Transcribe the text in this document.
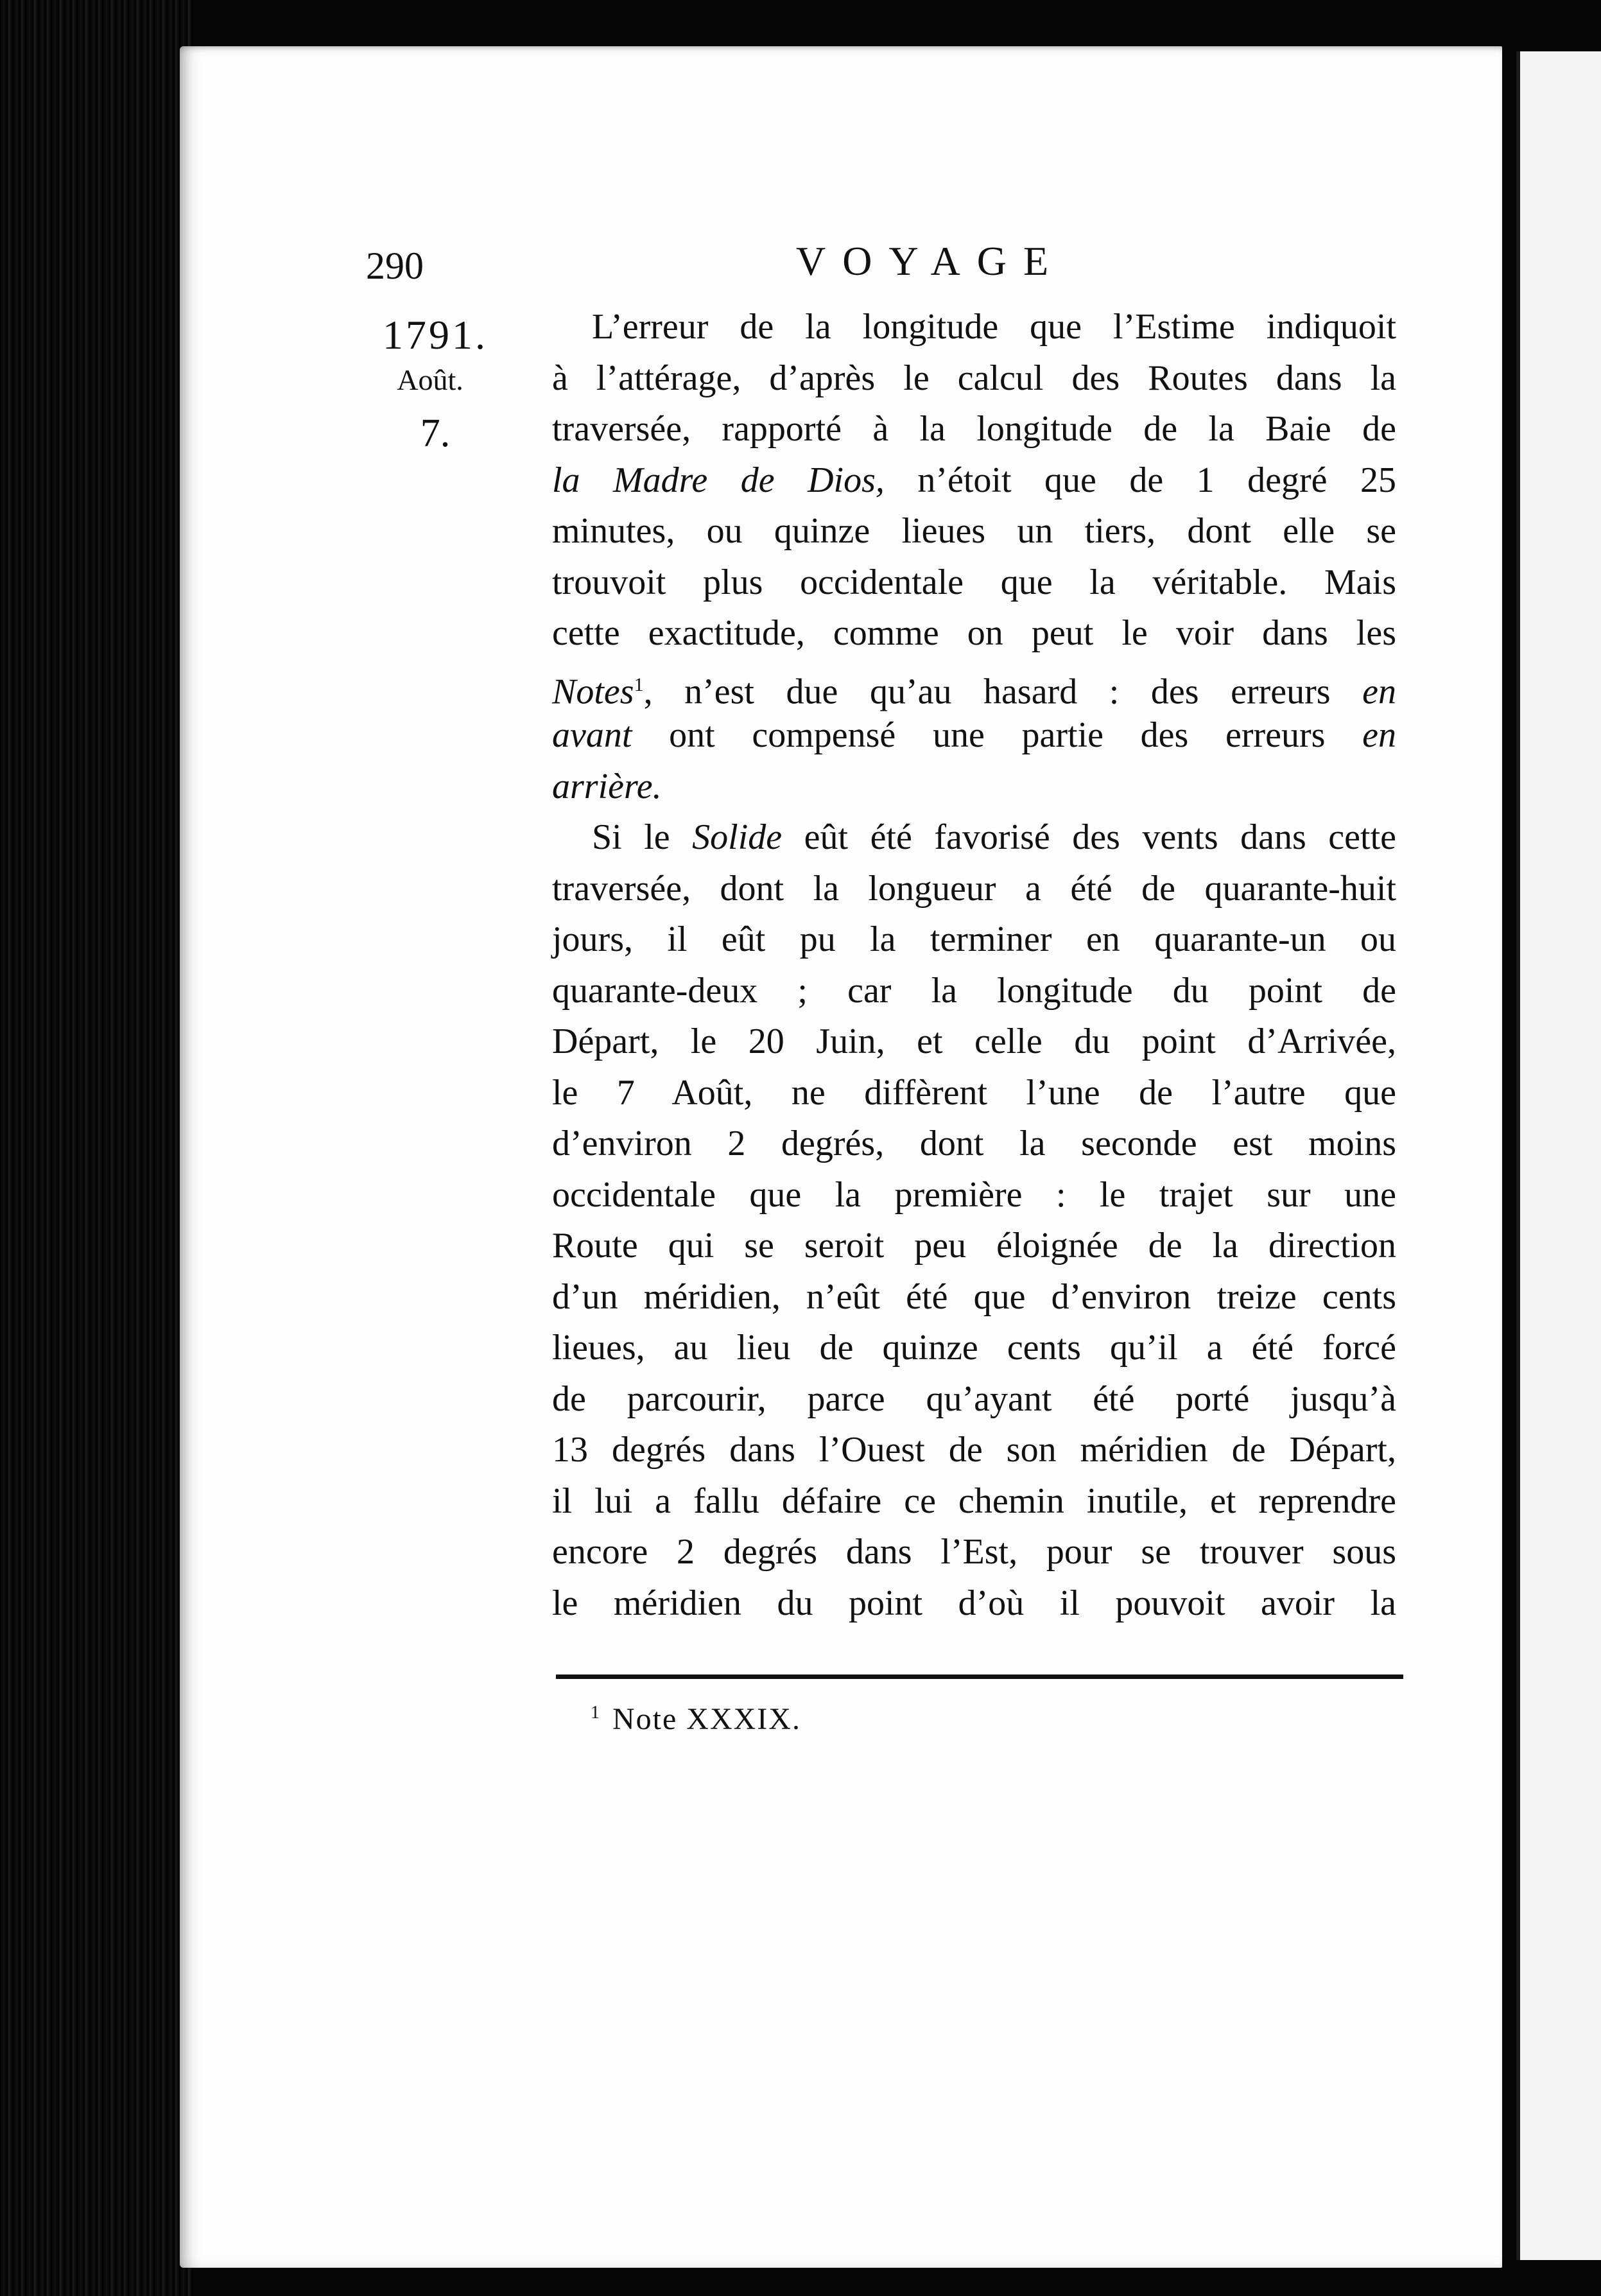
290	VOYAGE
1791.
Août.
7.
L’erreur de la longitude que l’Estime indiquoit
à l’attérage, d’après le calcul des Routes dans la
traversée, rapporté à la longitude de la Baie de
la Madre de Dios, n’étoit que de 1 degré 25
minutes, ou quinze lieues un tiers, dont elle se
trouvoit plus occidentale que la véritable. Mais
cette exactitude, comme on peut le voir dans les
Notes$^1$, n’est due qu’au hasard : des erreurs en
avant ont compensé une partie des erreurs en
arrière.
Si le Solide eût été favorisé des vents dans cette
traversée, dont la longueur a été de quarante-huit
jours, il eût pu la terminer en quarante-un ou
quarante-deux ; car la longitude du point de
Départ, le 20 Juin, et celle du point d’Arrivée,
le 7 Août, ne diffèrent l’une de l’autre que
d’environ 2 degrés, dont la seconde est moins
occidentale que la première : le trajet sur une
Route qui se seroit peu éloignée de la direction
d’un méridien, n’eût été que d’environ treize cents
lieues, au lieu de quinze cents qu’il a été forcé
de parcourir, parce qu’ayant été porté jusqu’à
13 degrés dans l’Ouest de son méridien de Départ,
il lui a fallu défaire ce chemin inutile, et reprendre
encore 2 degrés dans l’Est, pour se trouver sous
le méridien du point d’où il pouvoit avoir la
$^1$ Note XXXIX.
